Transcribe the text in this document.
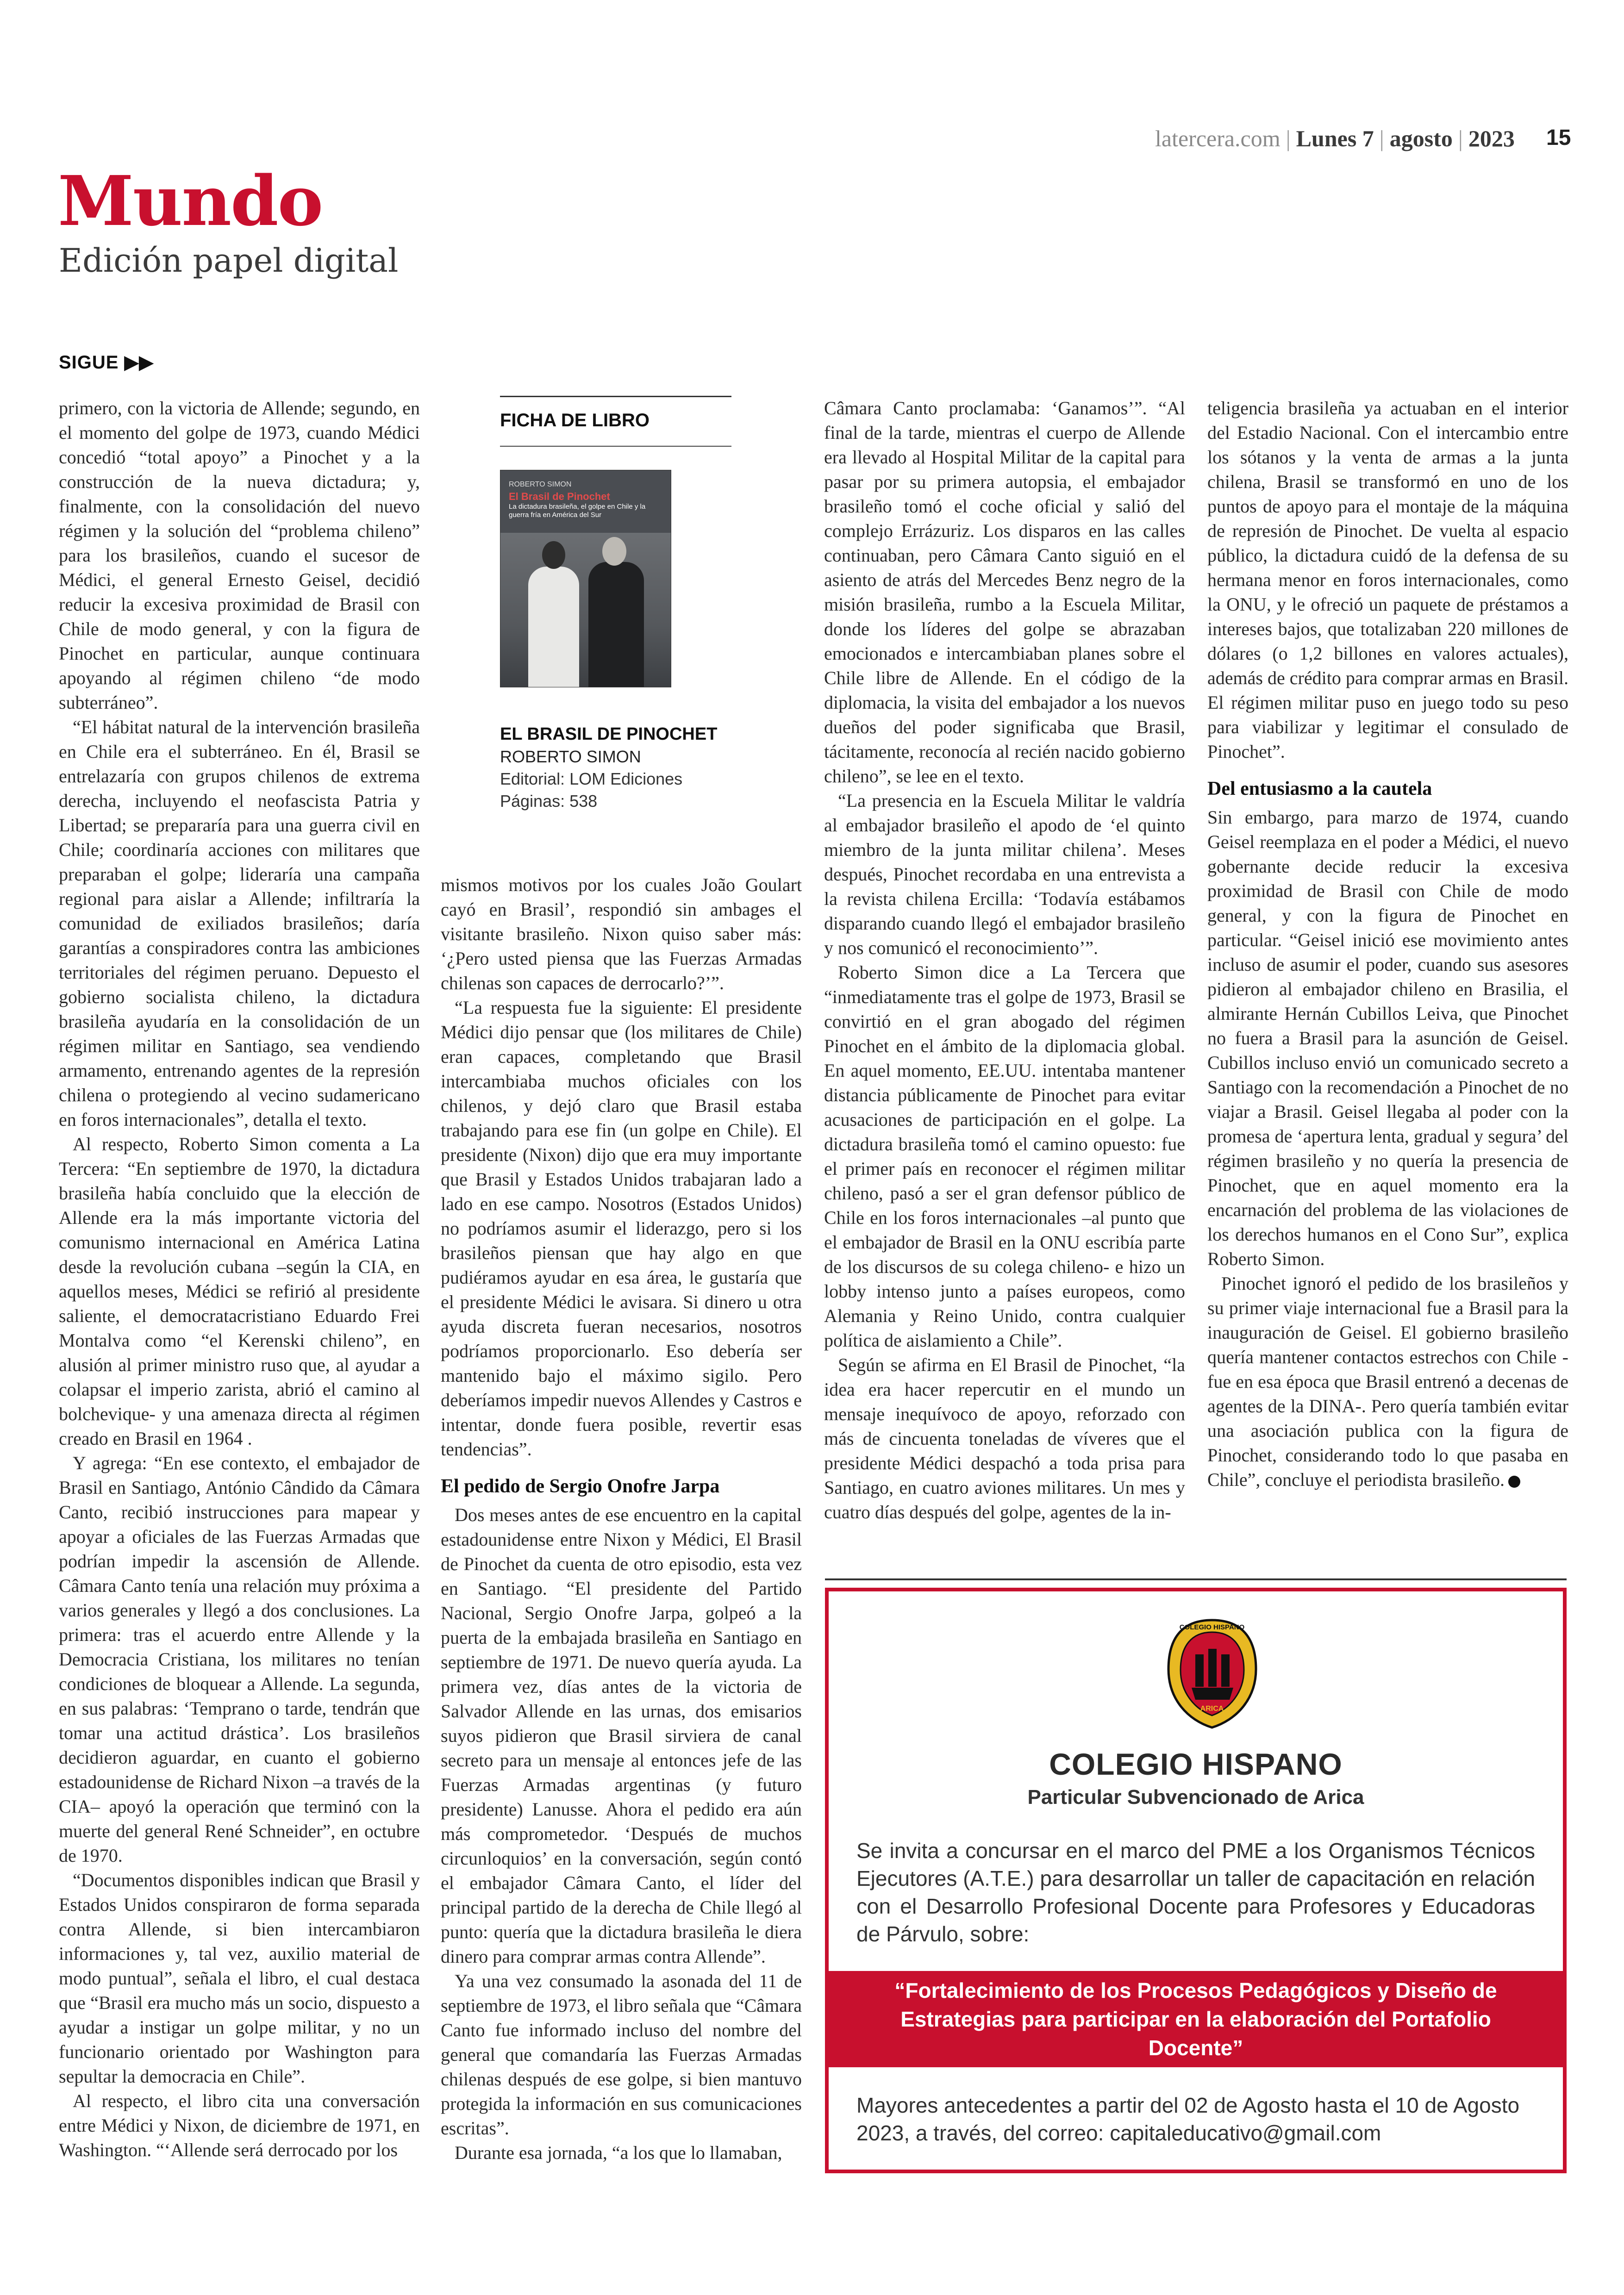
latercera.com | Lunes 7 | agosto | 2023 15
Mundo
Edición papel digital
SIGUE ▶▶

primero, con la victoria de Allende; segundo, en el momento del golpe de 1973, cuando Médici concedió “total apoyo” a Pinochet y a la construcción de la nueva dictadura; y, finalmente, con la consolidación del nuevo régimen y la solución del “problema chileno” para los brasileños, cuando el sucesor de Médici, el general Ernesto Geisel, decidió reducir la excesiva proximidad de Brasil con Chile de modo general, y con la figura de Pinochet en particular, aunque continuara apoyando al régimen chileno “de modo subterráneo”.

“El hábitat natural de la intervención brasileña en Chile era el subterráneo. En él, Brasil se entrelazaría con grupos chilenos de extrema derecha, incluyendo el neofascista Patria y Libertad; se prepararía para una guerra civil en Chile; coordinaría acciones con militares que preparaban el golpe; lideraría una campaña regional para aislar a Allende; infiltraría la comunidad de exiliados brasileños; daría garantías a conspiradores contra las ambiciones territoriales del régimen peruano. Depuesto el gobierno socialista chileno, la dictadura brasileña ayudaría en la consolidación de un régimen militar en Santiago, sea vendiendo armamento, entrenando agentes de la represión chilena o protegiendo al vecino sudamericano en foros internacionales”, detalla el texto.

Al respecto, Roberto Simon comenta a La Tercera: “En septiembre de 1970, la dictadura brasileña había concluido que la elección de Allende era la más importante victoria del comunismo internacional en América Latina desde la revolución cubana –según la CIA, en aquellos meses, Médici se refirió al presidente saliente, el democratacristiano Eduardo Frei Montalva como “el Kerenski chileno”, en alusión al primer ministro ruso que, al ayudar a colapsar el imperio zarista, abrió el camino al bolchevique- y una amenaza directa al régimen creado en Brasil en 1964 .

Y agrega: “En ese contexto, el embajador de Brasil en Santiago, António Cândido da Câmara Canto, recibió instrucciones para mapear y apoyar a oficiales de las Fuerzas Armadas que podrían impedir la ascensión de Allende. Câmara Canto tenía una relación muy próxima a varios generales y llegó a dos conclusiones. La primera: tras el acuerdo entre Allende y la Democracia Cristiana, los militares no tenían condiciones de bloquear a Allende. La segunda, en sus palabras: ‘Temprano o tarde, tendrán que tomar una actitud drástica’. Los brasileños decidieron aguardar, en cuanto el gobierno estadounidense de Richard Nixon –a través de la CIA– apoyó la operación que terminó con la muerte del general René Schneider”, en octubre de 1970.

“Documentos disponibles indican que Brasil y Estados Unidos conspiraron de forma separada contra Allende, si bien intercambiaron informaciones y, tal vez, auxilio material de modo puntual”, señala el libro, el cual destaca que “Brasil era mucho más un socio, dispuesto a ayudar a instigar un golpe militar, y no un funcionario orientado por Washington para sepultar la democracia en Chile”.

Al respecto, el libro cita una conversación entre Médici y Nixon, de diciembre de 1971, en Washington. “‘Allende será derrocado por los

FICHA DE LIBRO
ROBERTO SIMON
El Brasil de Pinochet
La dictadura brasileña, el golpe en Chile y la guerra fría en América del Sur
EL BRASIL DE PINOCHET
ROBERTO SIMON
Editorial: LOM Ediciones
Páginas: 538

mismos motivos por los cuales João Goulart cayó en Brasil’, respondió sin ambages el visitante brasileño. Nixon quiso saber más: ‘¿Pero usted piensa que las Fuerzas Armadas chilenas son capaces de derrocarlo?’”.

“La respuesta fue la siguiente: El presidente Médici dijo pensar que (los militares de Chile) eran capaces, completando que Brasil intercambiaba muchos oficiales con los chilenos, y dejó claro que Brasil estaba trabajando para ese fin (un golpe en Chile). El presidente (Nixon) dijo que era muy importante que Brasil y Estados Unidos trabajaran lado a lado en ese campo. Nosotros (Estados Unidos) no podríamos asumir el liderazgo, pero si los brasileños piensan que hay algo en que pudiéramos ayudar en esa área, le gustaría que el presidente Médici le avisara. Si dinero u otra ayuda discreta fueran necesarios, nosotros podríamos proporcionarlo. Eso debería ser mantenido bajo el máximo sigilo. Pero deberíamos impedir nuevos Allendes y Castros e intentar, donde fuera posible, revertir esas tendencias”.

El pedido de Sergio Onofre Jarpa

Dos meses antes de ese encuentro en la capital estadounidense entre Nixon y Médici, El Brasil de Pinochet da cuenta de otro episodio, esta vez en Santiago. “El presidente del Partido Nacional, Sergio Onofre Jarpa, golpeó a la puerta de la embajada brasileña en Santiago en septiembre de 1971. De nuevo quería ayuda. La primera vez, días antes de la victoria de Salvador Allende en las urnas, dos emisarios suyos pidieron que Brasil sirviera de canal secreto para un mensaje al entonces jefe de las Fuerzas Armadas argentinas (y futuro presidente) Lanusse. Ahora el pedido era aún más comprometedor. ‘Después de muchos circunloquios’ en la conversación, según contó el embajador Câmara Canto, el líder del principal partido de la derecha de Chile llegó al punto: quería que la dictadura brasileña le diera dinero para comprar armas contra Allende”.

Ya una vez consumado la asonada del 11 de septiembre de 1973, el libro señala que “Câmara Canto fue informado incluso del nombre del general que comandaría las Fuerzas Armadas chilenas después de ese golpe, si bien mantuvo protegida la información en sus comunicaciones escritas”.

Durante esa jornada, “a los que lo llamaban,

Câmara Canto proclamaba: ‘Ganamos’”. “Al final de la tarde, mientras el cuerpo de Allende era llevado al Hospital Militar de la capital para pasar por su primera autopsia, el embajador brasileño tomó el coche oficial y salió del complejo Errázuriz. Los disparos en las calles continuaban, pero Câmara Canto siguió en el asiento de atrás del Mercedes Benz negro de la misión brasileña, rumbo a la Escuela Militar, donde los líderes del golpe se abrazaban emocionados e intercambiaban planes sobre el Chile libre de Allende. En el código de la diplomacia, la visita del embajador a los nuevos dueños del poder significaba que Brasil, tácitamente, reconocía al recién nacido gobierno chileno”, se lee en el texto.

“La presencia en la Escuela Militar le valdría al embajador brasileño el apodo de ‘el quinto miembro de la junta militar chilena’. Meses después, Pinochet recordaba en una entrevista a la revista chilena Ercilla: ‘Todavía estábamos disparando cuando llegó el embajador brasileño y nos comunicó el reconocimiento’”.

Roberto Simon dice a La Tercera que “inmediatamente tras el golpe de 1973, Brasil se convirtió en el gran abogado del régimen Pinochet en el ámbito de la diplomacia global. En aquel momento, EE.UU. intentaba mantener distancia públicamente de Pinochet para evitar acusaciones de participación en el golpe. La dictadura brasileña tomó el camino opuesto: fue el primer país en reconocer el régimen militar chileno, pasó a ser el gran defensor público de Chile en los foros internacionales –al punto que el embajador de Brasil en la ONU escribía parte de los discursos de su colega chileno- e hizo un lobby intenso junto a países europeos, como Alemania y Reino Unido, contra cualquier política de aislamiento a Chile”.

Según se afirma en El Brasil de Pinochet, “la idea era hacer repercutir en el mundo un mensaje inequívoco de apoyo, reforzado con más de cincuenta toneladas de víveres que el presidente Médici despachó a toda prisa para Santiago, en cuatro aviones militares. Un mes y cuatro días después del golpe, agentes de la in-

teligencia brasileña ya actuaban en el interior del Estadio Nacional. Con el intercambio entre los sótanos y la venta de armas a la junta chilena, Brasil se transformó en uno de los puntos de apoyo para el montaje de la máquina de represión de Pinochet. De vuelta al espacio público, la dictadura cuidó de la defensa de su hermana menor en foros internacionales, como la ONU, y le ofreció un paquete de préstamos a intereses bajos, que totalizaban 220 millones de dólares (o 1,2 billones en valores actuales), además de crédito para comprar armas en Brasil. El régimen militar puso en juego todo su peso para viabilizar y legitimar el consulado de Pinochet”.

Del entusiasmo a la cautela

Sin embargo, para marzo de 1974, cuando Geisel reemplaza en el poder a Médici, el nuevo gobernante decide reducir la excesiva proximidad de Brasil con Chile de modo general, y con la figura de Pinochet en particular. “Geisel inició ese movimiento antes incluso de asumir el poder, cuando sus asesores pidieron al embajador chileno en Brasilia, el almirante Hernán Cubillos Leiva, que Pinochet no fuera a Brasil para la asunción de Geisel. Cubillos incluso envió un comunicado secreto a Santiago con la recomendación a Pinochet de no viajar a Brasil. Geisel llegaba al poder con la promesa de ‘apertura lenta, gradual y segura’ del régimen brasileño y no quería la presencia de Pinochet, que en aquel momento era la encarnación del problema de las violaciones de los derechos humanos en el Cono Sur”, explica Roberto Simon.

Pinochet ignoró el pedido de los brasileños y su primer viaje internacional fue a Brasil para la inauguración de Geisel. El gobierno brasileño quería mantener contactos estrechos con Chile -fue en esa época que Brasil entrenó a decenas de agentes de la DINA-. Pero quería también evitar una asociación publica con la figura de Pinochet, considerando todo lo que pasaba en Chile”, concluye el periodista brasileño.

COLEGIO HISPANO
ARICA
COLEGIO HISPANO
Particular Subvencionado de Arica
Se invita a concursar en el marco del PME a los Organismos Técnicos Ejecutores (A.T.E.) para desarrollar un taller de capacitación en relación con el Desarrollo Profesional Docente para Profesores y Educadoras de Párvulo, sobre:
“Fortalecimiento de los Procesos Pedagógicos y Diseño de Estrategias para participar en la elaboración del Portafolio Docente”
Mayores antecedentes a partir del 02 de Agosto hasta el 10 de Agosto 2023, a través, del correo: capitaleducativo@gmail.com
